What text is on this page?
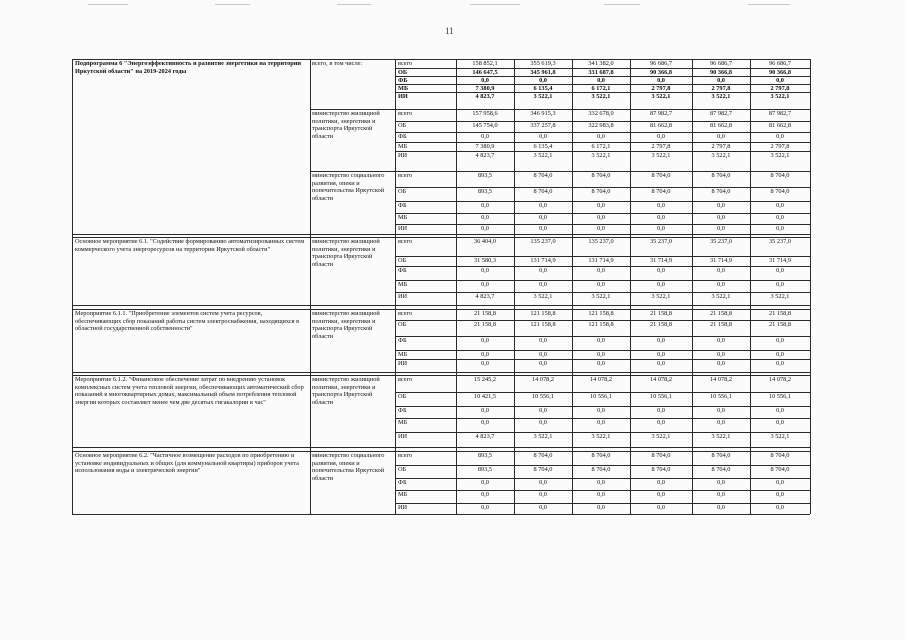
11
Подпрограмма 6 "Энергоэффективность и развитие энергетики на территории Иркутской области" на 2019-2024 годы
всего, в том числе:	всего	158 852,1	355 619,3	341 382,0	96 686,7	96 686,7	96 686,7
ОБ	146 647,5	345 961,8	331 687,8	90 366,8	90 366,8	90 366,8
ФБ	0,0	0,0	0,0	0,0	0,0	0,0
МБ	7 380,9	6 135,4	6 172,1	2 797,8	2 797,8	2 797,8
ИИ	4 823,7	3 522,1	3 522,1	3 522,1	3 522,1	3 522,1
министерство жилищной политики, энергетики и транспорта Иркутской области
всего	157 958,6	346 915,3	332 678,0	87 982,7	87 982,7	87 982,7
ОБ	145 754,0	337 257,8	322 983,8	81 662,8	81 662,8	81 662,8
ФБ	0,0	0,0	0,0	0,0	0,0	0,0
МБ	7 380,9	6 135,4	6 172,1	2 797,8	2 797,8	2 797,8
ИИ	4 823,7	3 522,1	3 522,1	3 522,1	3 522,1	3 522,1
министерство социального развития, опеки и попечительства Иркутской области
всего	893,5	8 704,0	8 704,0	8 704,0	8 704,0	8 704,0
ОБ	893,5	8 704,0	8 704,0	8 704,0	8 704,0	8 704,0
ФБ	0,0	0,0	0,0	0,0	0,0	0,0
МБ	0,0	0,0	0,0	0,0	0,0	0,0
ИИ	0,0	0,0	0,0	0,0	0,0	0,0
Основное мероприятие 6.1. "Содействие формированию автоматизированных систем коммерческого учета энергоресурсов на территории Иркутской области"
министерство жилищной политики, энергетики и транспорта Иркутской области
всего	36 404,0	135 237,0	135 237,0	35 237,0	35 237,0	35 237,0
ОБ	31 580,3	131 714,9	131 714,9	31 714,9	31 714,9	31 714,9
ФБ	0,0	0,0	0,0	0,0	0,0	0,0
МБ	0,0	0,0	0,0	0,0	0,0	0,0
ИИ	4 823,7	3 522,1	3 522,1	3 522,1	3 522,1	3 522,1
Мероприятие 6.1.1. "Приобретение элементов систем учета ресурсов, обеспечивающих сбор показаний работы систем электроснабжения, находящихся в областной государственной собственности"
министерство жилищной политики, энергетики и транспорта Иркутской области
всего	21 158,8	121 158,8	121 158,8	21 158,8	21 158,8	21 158,8
ОБ	21 158,8	121 158,8	121 158,8	21 158,8	21 158,8	21 158,8
ФБ	0,0	0,0	0,0	0,0	0,0	0,0
МБ	0,0	0,0	0,0	0,0	0,0	0,0
ИИ	0,0	0,0	0,0	0,0	0,0	0,0
Мероприятие 6.1.2. "Финансовое обеспечение затрат по внедрению установок комплексных систем учета тепловой энергии, обеспечивающих автоматический сбор показаний в многоквартирных домах, максимальный объем потребления тепловой энергии которых составляет менее чем две десятых гигакалории в час"
министерство жилищной политики, энергетики и транспорта Иркутской области
всего	15 245,2	14 078,2	14 078,2	14 078,2	14 078,2	14 078,2
ОБ	10 421,5	10 556,1	10 556,1	10 556,1	10 556,1	10 556,1
ФБ	0,0	0,0	0,0	0,0	0,0	0,0
МБ	0,0	0,0	0,0	0,0	0,0	0,0
ИИ	4 823,7	3 522,1	3 522,1	3 522,1	3 522,1	3 522,1
Основное мероприятие 6.2. "Частичное возмещение расходов по приобретению и установке индивидуальных и общих (для коммунальной квартиры) приборов учета использования воды и электрической энергии"
министерство социального развития, опеки и попечительства Иркутской области
всего	893,5	8 704,0	8 704,0	8 704,0	8 704,0	8 704,0
ОБ	893,5	8 704,0	8 704,0	8 704,0	8 704,0	8 704,0
ФБ	0,0	0,0	0,0	0,0	0,0	0,0
МБ	0,0	0,0	0,0	0,0	0,0	0,0
ИИ	0,0	0,0	0,0	0,0	0,0	0,0
